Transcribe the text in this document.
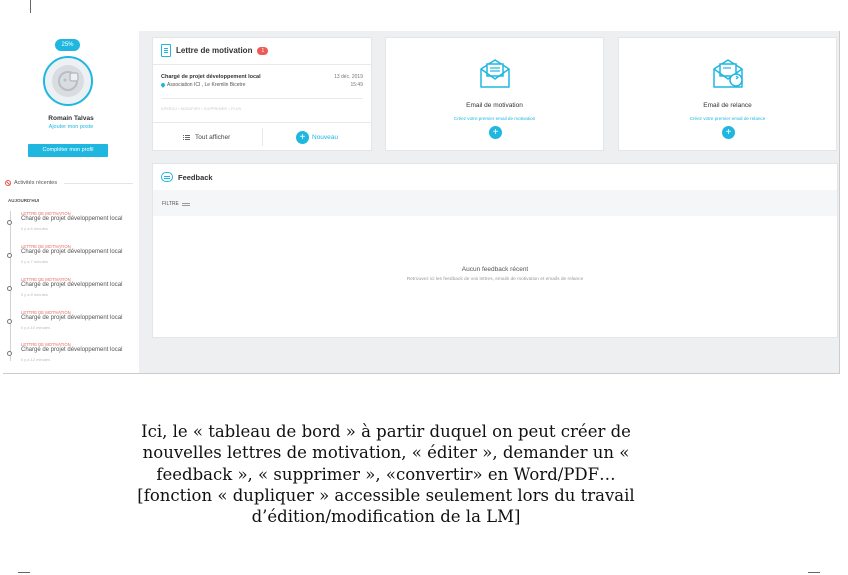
25%
Romain Talvas
Ajouter mon poste
Compléter mon profil
Activités récentes
AUJOURD'HUI
LETTRE DE MOTIVATION
Chargé de projet développement local
Il y a 6 minutes
LETTRE DE MOTIVATION
Chargé de projet développement local
Il y a 7 minutes
LETTRE DE MOTIVATION
Chargé de projet développement local
Il y a 8 minutes
LETTRE DE MOTIVATION
Chargé de projet développement local
Il y a 10 minutes
LETTRE DE MOTIVATION
Chargé de projet développement local
Il y a 12 minutes
Lettre de motivation	1
Chargé de projet développement local	13 déc. 2019
Association ICI , Le Kremlin Bicetre	15:49
APERÇU • MODIFIER • SUPPRIMER • PLUS
Tout afficher	+	Nouveau
Email de motivation
Créez votre premier email de motivation
+
Email de relance
Créez votre premier email de relance
+
Feedback
FILTRE
Aucun feedback récent
Retrouvez ici les feedback de vos lettres, emails de motivation et emails de relance
Ici, le « tableau de bord » à partir duquel on peut créer de nouvelles lettres de motivation, « éditer », demander un « feedback », « supprimer », «convertir» en Word/PDF… [fonction « dupliquer » accessible seulement lors du travail d’édition/modification de la LM]
